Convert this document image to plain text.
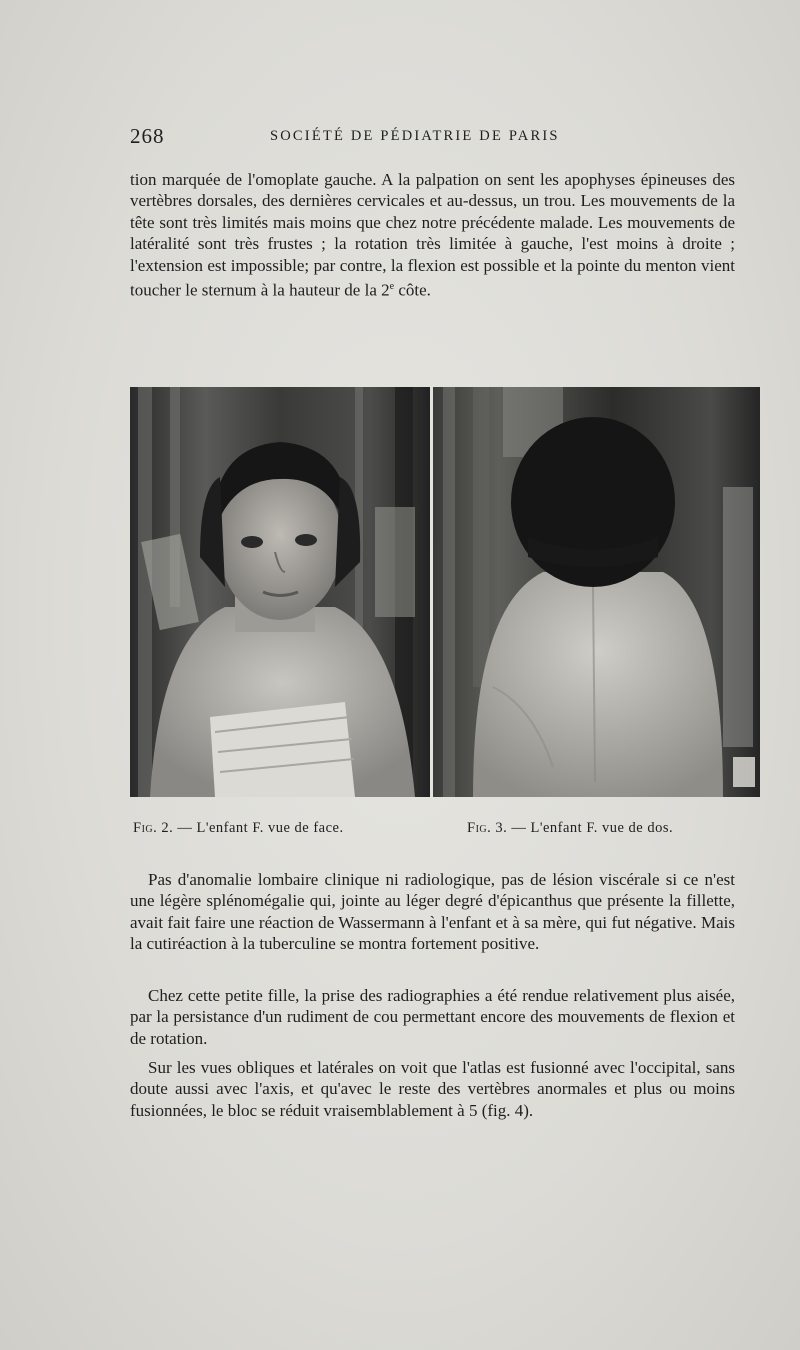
268	SOCIÉTÉ DE PÉDIATRIE DE PARIS

tion marquée de l'omoplate gauche. A la palpation on sent les apophyses épineuses des vertèbres dorsales, des dernières cervicales et au-dessus, un trou. Les mouvements de la tête sont très limités mais moins que chez notre précédente malade. Les mouvements de latéralité sont très frustes ; la rotation très limitée à gauche, l'est moins à droite ; l'extension est impossible; par contre, la flexion est possible et la pointe du menton vient toucher le sternum à la hauteur de la 2e côte.

Fig. 2. — L'enfant F. vue de face.	Fig. 3. — L'enfant F. vue de dos.

Pas d'anomalie lombaire clinique ni radiologique, pas de lésion viscérale si ce n'est une légère splénomégalie qui, jointe au léger degré d'épicanthus que présente la fillette, avait fait faire une réaction de Wassermann à l'enfant et à sa mère, qui fut négative. Mais la cutiréaction à la tuberculine se montra fortement positive.

Chez cette petite fille, la prise des radiographies a été rendue relativement plus aisée, par la persistance d'un rudiment de cou permettant encore des mouvements de flexion et de rotation.

Sur les vues obliques et latérales on voit que l'atlas est fusionné avec l'occipital, sans doute aussi avec l'axis, et qu'avec le reste des vertèbres anormales et plus ou moins fusionnées, le bloc se réduit vraisemblablement à 5 (fig. 4).
